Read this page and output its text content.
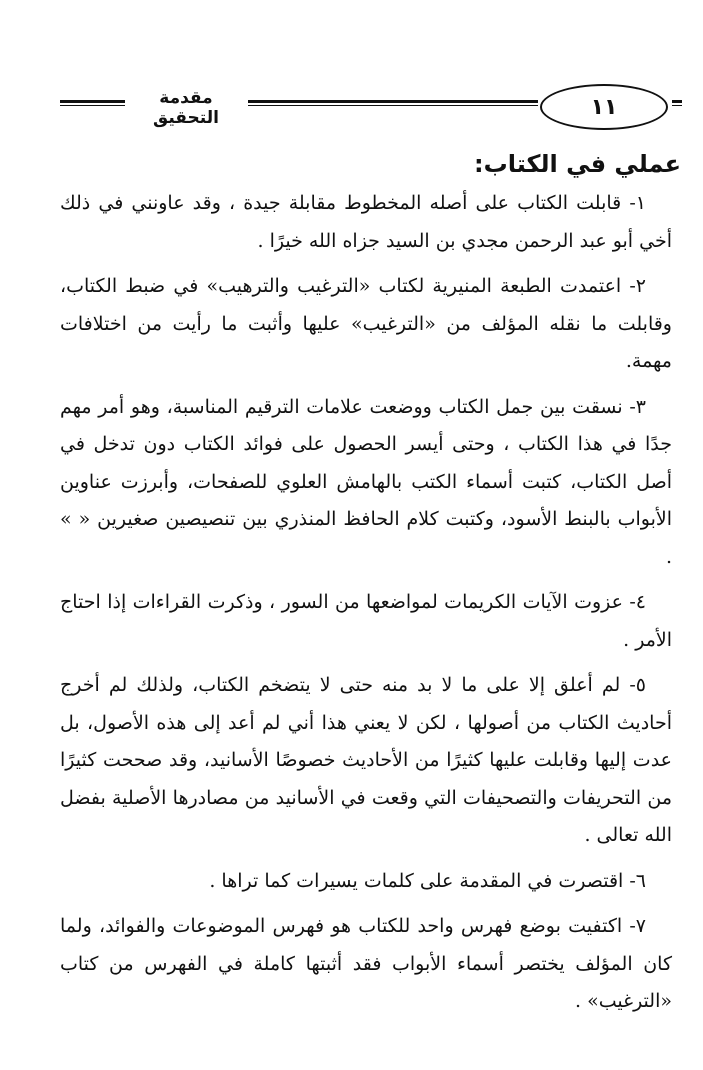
مقدمة التحقيق	١١
عملي في الكتاب:

١- قابلت الكتاب على أصله المخطوط مقابلة جيدة ، وقد عاونني في ذلك أخي أبو عبد الرحمن مجدي بن السيد جزاه الله خيرًا .

٢- اعتمدت الطبعة المنيرية لكتاب «الترغيب والترهيب» في ضبط الكتاب، وقابلت ما نقله المؤلف من «الترغيب» عليها وأثبت ما رأيت من اختلافات مهمة.

٣- نسقت بين جمل الكتاب ووضعت علامات الترقيم المناسبة، وهو أمر مهم جدًا في هذا الكتاب ، وحتى أيسر الحصول على فوائد الكتاب دون تدخل في أصل الكتاب، كتبت أسماء الكتب بالهامش العلوي للصفحات، وأبرزت عناوين الأبواب بالبنط الأسود، وكتبت كلام الحافظ المنذري بين تنصيصين صغيرين « » .

٤- عزوت الآيات الكريمات لمواضعها من السور ، وذكرت القراءات إذا احتاج الأمر .

٥- لم أعلق إلا على ما لا بد منه حتى لا يتضخم الكتاب، ولذلك لم أخرج أحاديث الكتاب من أصولها ، لكن لا يعني هذا أني لم أعد إلى هذه الأصول، بل عدت إليها وقابلت عليها كثيرًا من الأحاديث خصوصًا الأسانيد، وقد صححت كثيرًا من التحريفات والتصحيفات التي وقعت في الأسانيد من مصادرها الأصلية بفضل الله تعالى .

٦- اقتصرت في المقدمة على كلمات يسيرات كما تراها .

٧- اكتفيت بوضع فهرس واحد للكتاب هو فهرس الموضوعات والفوائد، ولما كان المؤلف يختصر أسماء الأبواب فقد أثبتها كاملة في الفهرس من كتاب «الترغيب» .
